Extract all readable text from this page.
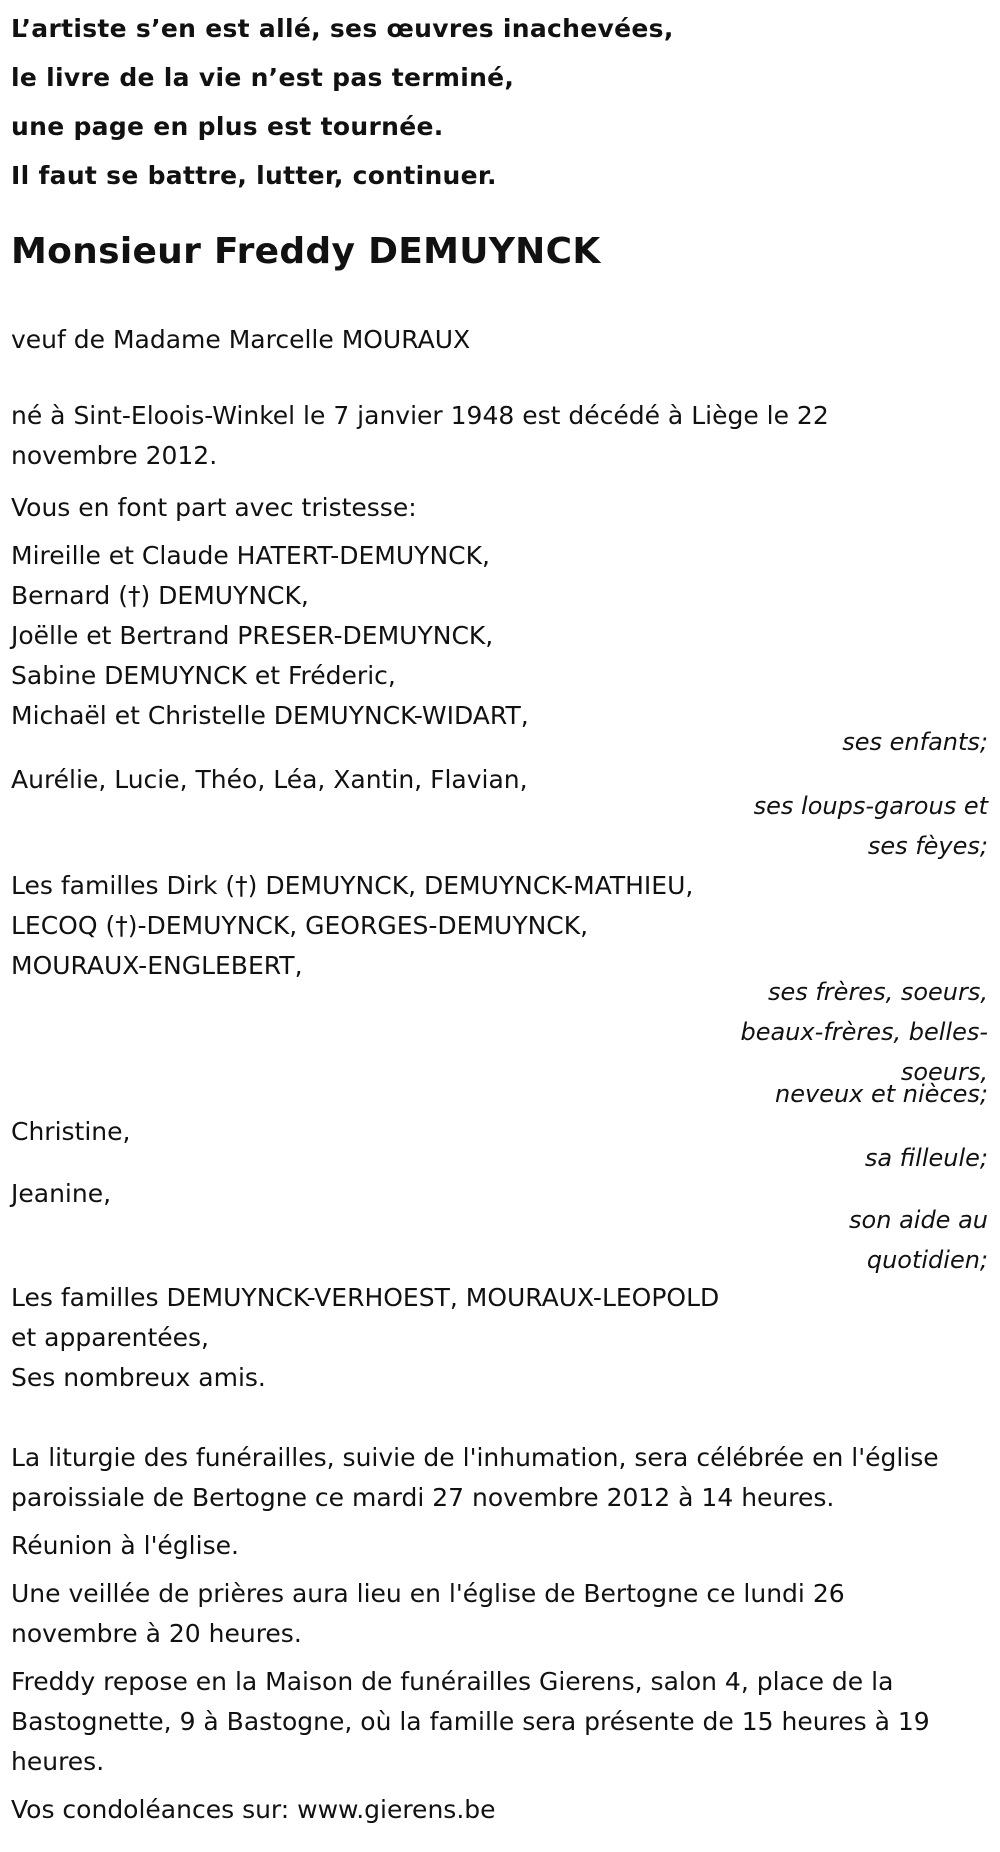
L’artiste s’en est allé, ses œuvres inachevées,
le livre de la vie n’est pas terminé,
une page en plus est tournée.
Il faut se battre, lutter, continuer.
Monsieur Freddy DEMUYNCK
veuf de Madame Marcelle MOURAUX
né à Sint-Eloois-Winkel le 7 janvier 1948 est décédé à Liège le 22
novembre 2012.
Vous en font part avec tristesse:
Mireille et Claude HATERT-DEMUYNCK,
Bernard (†) DEMUYNCK,
Joëlle et Bertrand PRESER-DEMUYNCK,
Sabine DEMUYNCK et Fréderic,
Michaël et Christelle DEMUYNCK-WIDART,
ses enfants;
Aurélie, Lucie, Théo, Léa, Xantin, Flavian,
ses loups-garous et
ses fèyes;
Les familles Dirk (†) DEMUYNCK, DEMUYNCK-MATHIEU,
LECOQ (†)-DEMUYNCK, GEORGES-DEMUYNCK,
MOURAUX-ENGLEBERT,
ses frères, soeurs,
beaux-frères, belles-
soeurs,
neveux et nièces;
Christine,
sa filleule;
Jeanine,
son aide au
quotidien;
Les familles DEMUYNCK-VERHOEST, MOURAUX-LEOPOLD
et apparentées,
Ses nombreux amis.
La liturgie des funérailles, suivie de l'inhumation, sera célébrée en l'église
paroissiale de Bertogne ce mardi 27 novembre 2012 à 14 heures.
Réunion à l'église.
Une veillée de prières aura lieu en l'église de Bertogne ce lundi 26
novembre à 20 heures.
Freddy repose en la Maison de funérailles Gierens, salon 4, place de la
Bastognette, 9 à Bastogne, où la famille sera présente de 15 heures à 19
heures.
Vos condoléances sur: www.gierens.be
